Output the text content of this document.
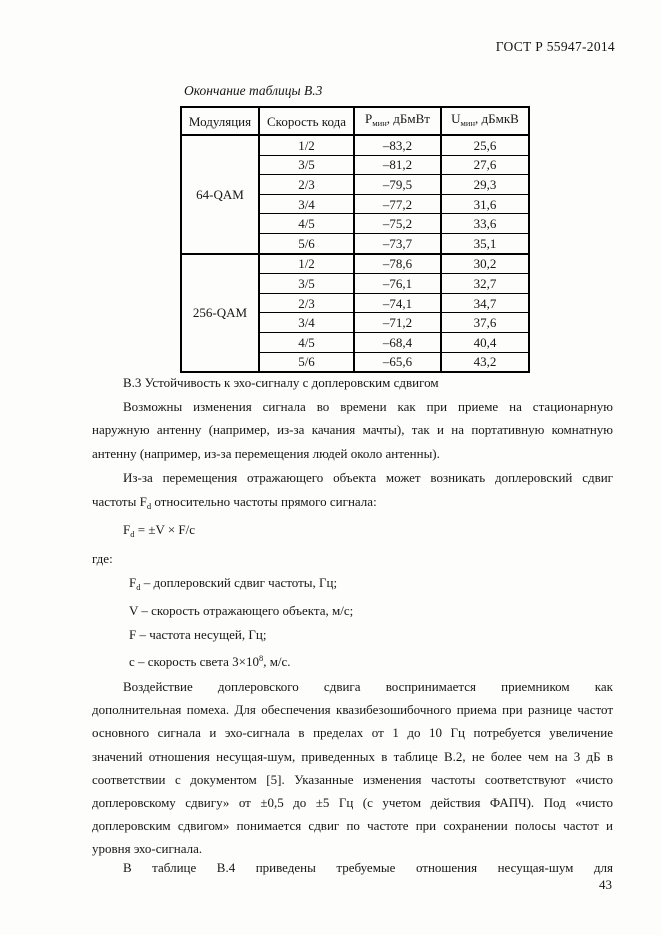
ГОСТ Р 55947-2014
Окончание таблицы В.3
Модуляция	Скорость кода	$P_{мин}$, дБмВт	$U_{мин}$, дБмкВ
64-QAM	1/2	–83,2	25,6
	3/5	–81,2	27,6
	2/3	–79,5	29,3
	3/4	–77,2	31,6
	4/5	–75,2	33,6
	5/6	–73,7	35,1
256-QAM	1/2	–78,6	30,2
	3/5	–76,1	32,7
	2/3	–74,1	34,7
	3/4	–71,2	37,6
	4/5	–68,4	40,4
	5/6	–65,6	43,2
В.3 Устойчивость к эхо-сигналу с доплеровским сдвигом
Возможны изменения сигнала во времени как при приеме на стационарную
наружную антенну (например, из-за качания мачты), так и на портативную комнатную
антенну (например, из-за перемещения людей около антенны).
Из-за перемещения отражающего объекта может возникать доплеровский сдвиг
частоты $F_d$ относительно частоты прямого сигнала:
$F_d = \pm V \times F/c$
где:
$F_d$ – доплеровский сдвиг частоты, Гц;
V – скорость отражающего объекта, м/с;
F – частота несущей, Гц;
с – скорость света $3\times 10^8$, м/с.
Воздействие доплеровского сдвига воспринимается приемником как
дополнительная помеха. Для обеспечения квазибезошибочного приема при разнице частот
основного сигнала и эхо-сигнала в пределах от 1 до 10 Гц потребуется увеличение
значений отношения несущая-шум, приведенных в таблице В.2, не более чем на 3 дБ в
соответствии с документом [5]. Указанные изменения частоты соответствуют «чисто
доплеровскому сдвигу» от ±0,5 до ±5 Гц (с учетом действия ФАПЧ). Под «чисто
доплеровским сдвигом» понимается сдвиг по частоте при сохранении полосы частот и
уровня эхо-сигнала.
В таблице В.4 приведены требуемые отношения несущая-шум для
43
